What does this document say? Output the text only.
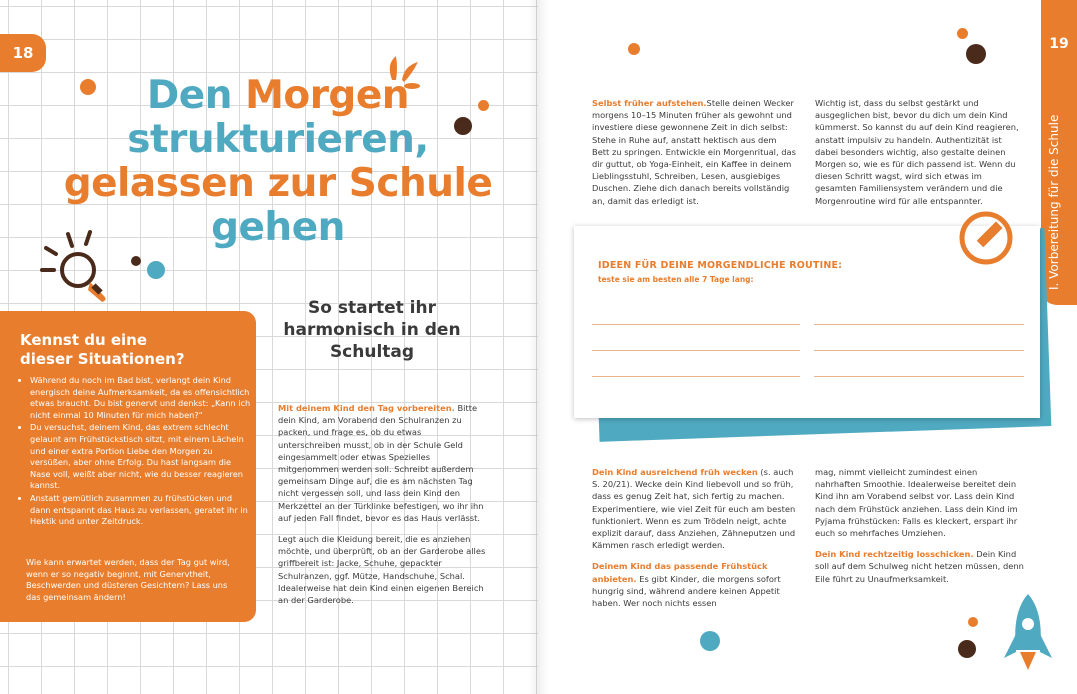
18
Den Morgen
strukturieren,
gelassen zur Schule
gehen
So startet ihr
harmonisch in den
Schultag
Kennst du eine
dieser Situationen?
• Während du noch im Bad bist, verlangt dein Kind energisch deine Aufmerksamkeit, da es offensichtlich etwas braucht. Du bist genervt und denkst: „Kann ich nicht einmal 10 Minuten für mich haben?“
• Du versuchst, deinem Kind, das extrem schlecht gelaunt am Frühstückstisch sitzt, mit einem Lächeln und einer extra Portion Liebe den Morgen zu versüßen, aber ohne Erfolg. Du hast langsam die Nase voll, weißt aber nicht, wie du besser reagieren kannst.
• Anstatt gemütlich zusammen zu frühstücken und dann entspannt das Haus zu verlassen, geratet ihr in Hektik und unter Zeitdruck.

Wie kann erwartet werden, dass der Tag gut wird, wenn er so negativ beginnt, mit Genervtheit, Beschwerden und düsteren Gesichtern? Lass uns das gemeinsam ändern!

Mit deinem Kind den Tag vorbereiten. Bitte dein Kind, am Vorabend den Schulranzen zu packen, und frage es, ob du etwas unterschreiben musst, ob in der Schule Geld eingesammelt oder etwas Spezielles mitgenommen werden soll. Schreibt außerdem gemeinsam Dinge auf, die es am nächsten Tag nicht vergessen soll, und lass dein Kind den Merkzettel an der Türklinke befestigen, wo ihr ihn auf jeden Fall findet, bevor es das Haus verlässt.

Legt auch die Kleidung bereit, die es anziehen möchte, und überprüft, ob an der Garderobe alles griffbereit ist: Jacke, Schuhe, gepackter Schulranzen, ggf. Mütze, Handschuhe, Schal. Idealerweise hat dein Kind einen eigenen Bereich an der Garderobe.

19
I. Vorbereitung für die Schule

Selbst früher aufstehen.Stelle deinen Wecker morgens 10–15 Minuten früher als gewohnt und investiere diese gewonnene Zeit in dich selbst: Stehe in Ruhe auf, anstatt hektisch aus dem Bett zu springen. Entwickle ein Morgenritual, das dir guttut, ob Yoga-Einheit, ein Kaffee in deinem Lieblingsstuhl, Schreiben, Lesen, ausgiebiges Duschen. Ziehe dich danach bereits vollständig an, damit das erledigt ist.

Wichtig ist, dass du selbst gestärkt und ausgeglichen bist, bevor du dich um dein Kind kümmerst. So kannst du auf dein Kind reagieren, anstatt impulsiv zu handeln. Authentizität ist dabei besonders wichtig, also gestalte deinen Morgen so, wie es für dich passend ist. Wenn du diesen Schritt wagst, wird sich etwas im gesamten Familiensystem verändern und die Morgenroutine wird für alle entspannter.

IDEEN FÜR DEINE MORGENDLICHE ROUTINE:
teste sie am besten alle 7 Tage lang:

Dein Kind ausreichend früh wecken (s. auch S. 20/21). Wecke dein Kind liebevoll und so früh, dass es genug Zeit hat, sich fertig zu machen. Experimentiere, wie viel Zeit für euch am besten funktioniert. Wenn es zum Trödeln neigt, achte explizit darauf, dass Anziehen, Zähneputzen und Kämmen rasch erledigt werden.

Deinem Kind das passende Frühstück anbieten. Es gibt Kinder, die morgens sofort hungrig sind, während andere keinen Appetit haben. Wer noch nichts essen

mag, nimmt vielleicht zumindest einen nahrhaften Smoothie. Idealerweise bereitet dein Kind ihn am Vorabend selbst vor. Lass dein Kind nach dem Frühstück anziehen. Lass dein Kind im Pyjama frühstücken: Falls es kleckert, erspart ihr euch so mehrfaches Umziehen.

Dein Kind rechtzeitig losschicken. Dein Kind soll auf dem Schulweg nicht hetzen müssen, denn Eile führt zu Unaufmerksamkeit.
